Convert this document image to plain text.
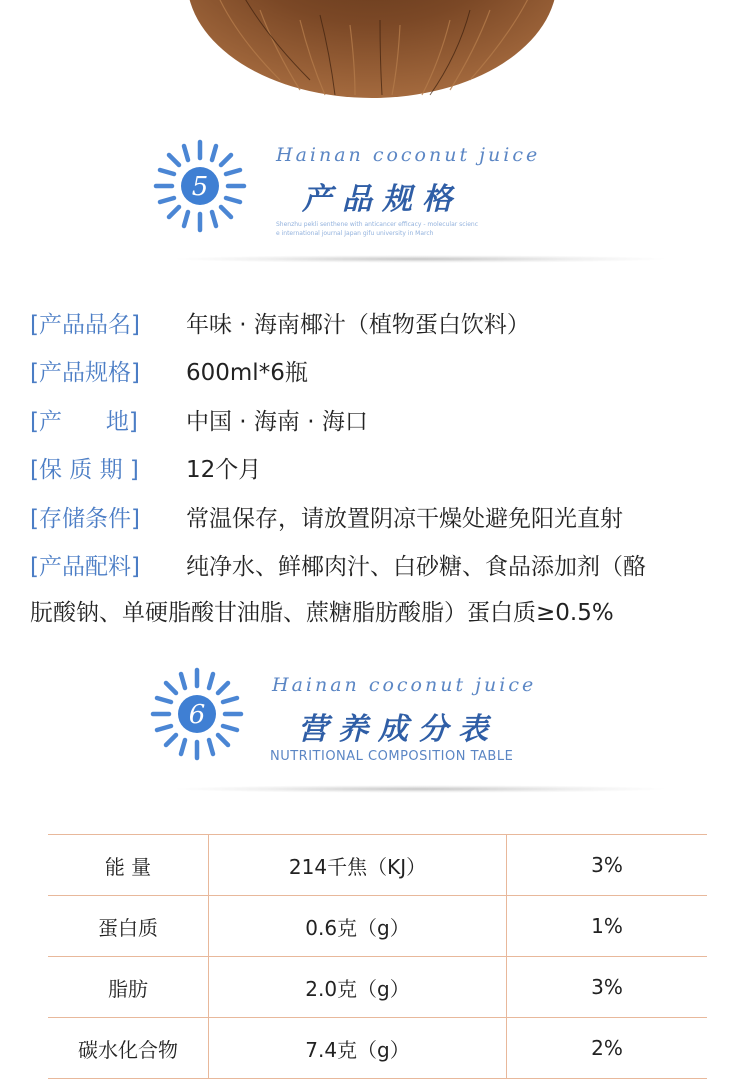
5
Hainan coconut juice
产品规格
Shenzhu pekli senthene with anticancer efficacy - molecular scienc
e international journal Japan gifu university in March
[产品品名]	年味 · 海南椰汁（植物蛋白饮料）
[产品规格]	600ml*6瓶
[产      地]	中国 · 海南 · 海口
[保 质 期 ]	12个月
[存储条件]	常温保存，请放置阴凉干燥处避免阳光直射
[产品配料]	纯净水、鲜椰肉汁、白砂糖、食品添加剂（酪
朊酸钠、单硬脂酸甘油脂、蔗糖脂肪酸脂）蛋白质≥0.5%
6
Hainan coconut juice
营养成分表
NUTRITIONAL COMPOSITION TABLE
能 量	214千焦（KJ）	3%
蛋白质	0.6克（g）	1%
脂肪	2.0克（g）	3%
碳水化合物	7.4克（g）	2%
